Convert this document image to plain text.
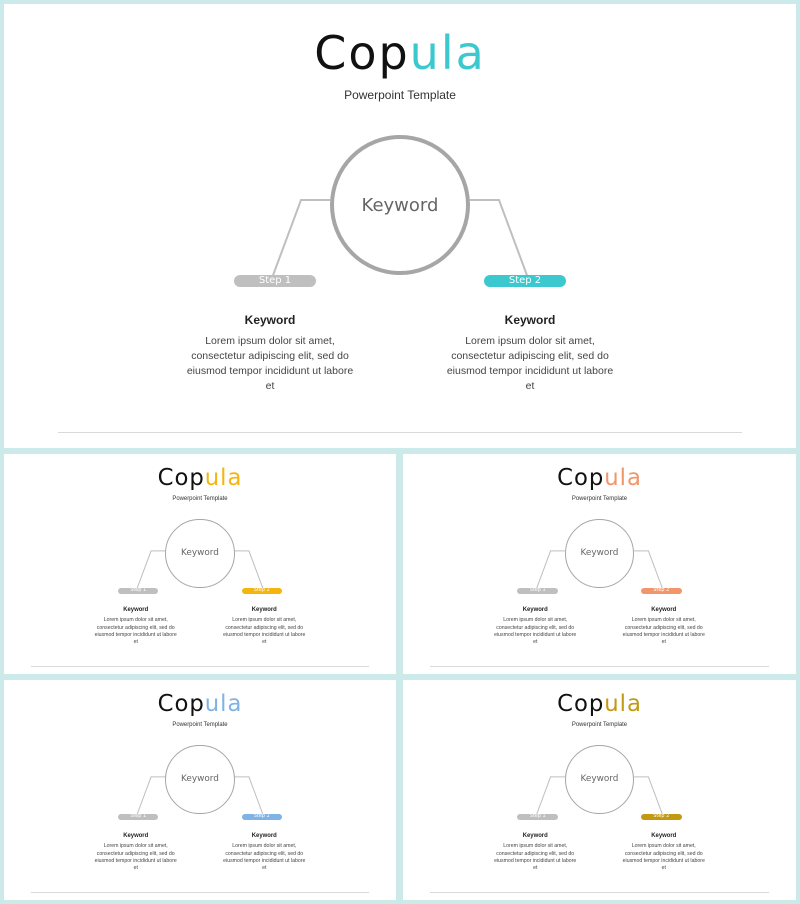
Copula
Powerpoint Template
Keyword
Step 1	Step 2
Keyword
Lorem ipsum dolor sit amet, consectetur adipiscing elit, sed do eiusmod tempor incididunt ut labore et
Keyword
Lorem ipsum dolor sit amet, consectetur adipiscing elit, sed do eiusmod tempor incididunt ut labore et
Copula
Powerpoint Template
Keyword
Step 1	Step 2
Keyword
Lorem ipsum dolor sit amet, consectetur adipiscing elit, sed do eiusmod tempor incididunt ut labore et
Keyword
Lorem ipsum dolor sit amet, consectetur adipiscing elit, sed do eiusmod tempor incididunt ut labore et
Copula
Powerpoint Template
Keyword
Step 1	Step 2
Keyword
Lorem ipsum dolor sit amet, consectetur adipiscing elit, sed do eiusmod tempor incididunt ut labore et
Keyword
Lorem ipsum dolor sit amet, consectetur adipiscing elit, sed do eiusmod tempor incididunt ut labore et
Copula
Powerpoint Template
Keyword
Step 1	Step 2
Keyword
Lorem ipsum dolor sit amet, consectetur adipiscing elit, sed do eiusmod tempor incididunt ut labore et
Keyword
Lorem ipsum dolor sit amet, consectetur adipiscing elit, sed do eiusmod tempor incididunt ut labore et
Copula
Powerpoint Template
Keyword
Step 1	Step 2
Keyword
Lorem ipsum dolor sit amet, consectetur adipiscing elit, sed do eiusmod tempor incididunt ut labore et
Keyword
Lorem ipsum dolor sit amet, consectetur adipiscing elit, sed do eiusmod tempor incididunt ut labore et
